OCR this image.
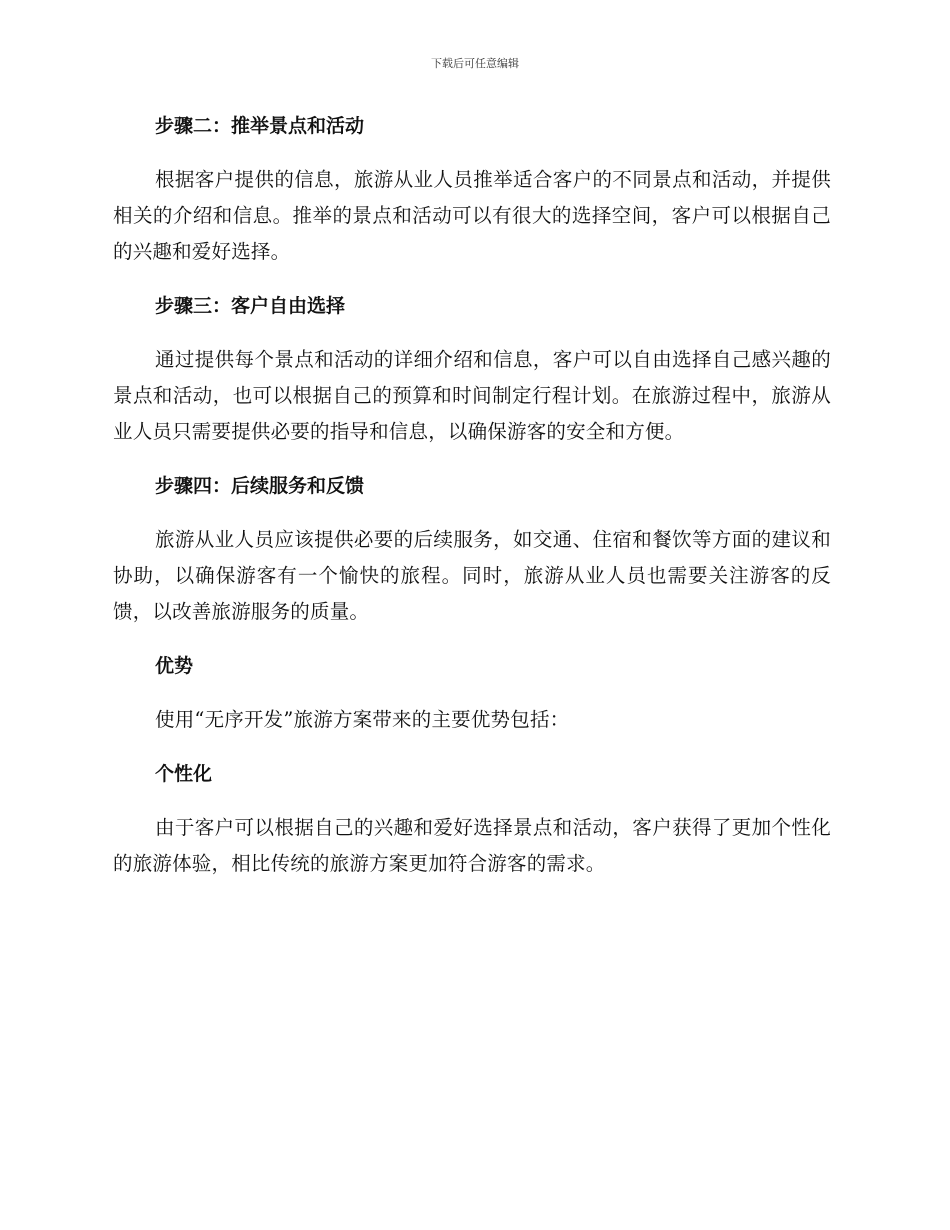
下载后可任意编辑
步骤二：推举景点和活动

根据客户提供的信息，旅游从业人员推举适合客户的不同景点和活动，并提供相关的介绍和信息。推举的景点和活动可以有很大的选择空间，客户可以根据自己的兴趣和爱好选择。

步骤三：客户自由选择

通过提供每个景点和活动的详细介绍和信息，客户可以自由选择自己感兴趣的景点和活动，也可以根据自己的预算和时间制定行程计划。在旅游过程中，旅游从业人员只需要提供必要的指导和信息，以确保游客的安全和方便。

步骤四：后续服务和反馈

旅游从业人员应该提供必要的后续服务，如交通、住宿和餐饮等方面的建议和协助，以确保游客有一个愉快的旅程。同时，旅游从业人员也需要关注游客的反馈，以改善旅游服务的质量。

优势

使用“无序开发”旅游方案带来的主要优势包括：

个性化

由于客户可以根据自己的兴趣和爱好选择景点和活动，客户获得了更加个性化的旅游体验，相比传统的旅游方案更加符合游客的需求。
